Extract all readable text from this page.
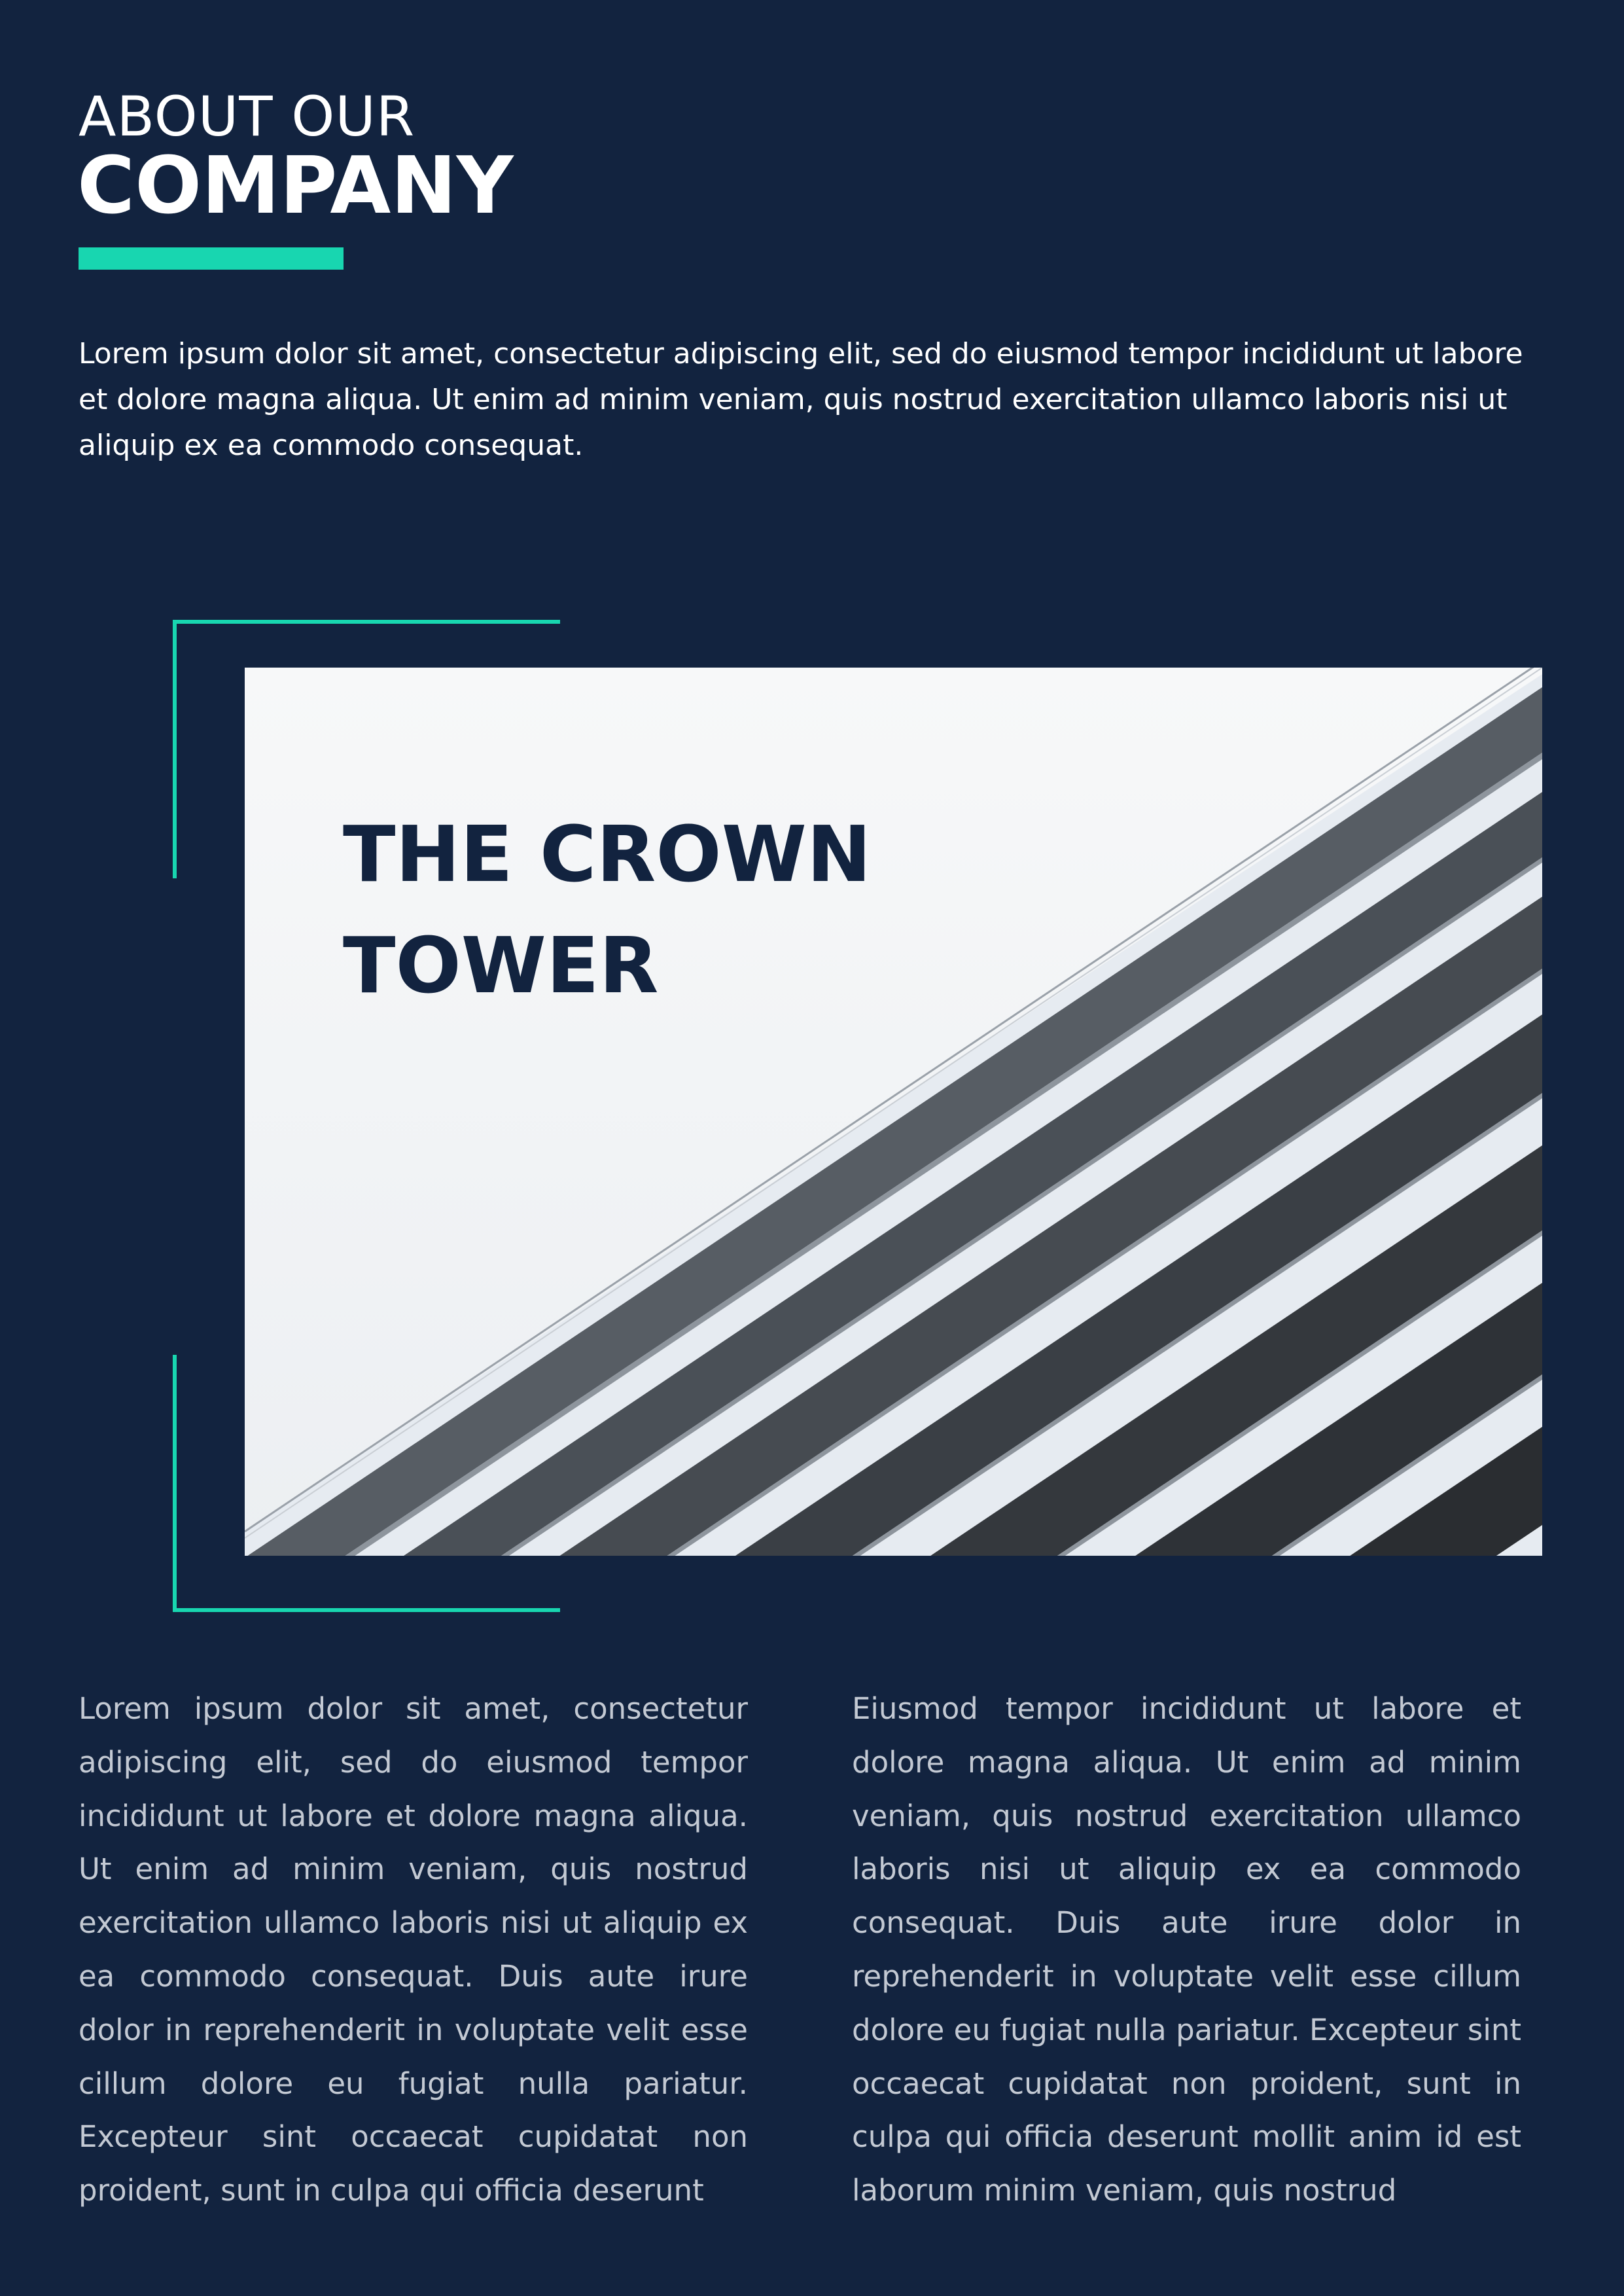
ABOUT OUR
COMPANY

Lorem ipsum dolor sit amet, consectetur adipiscing elit, sed do eiusmod tempor incididunt ut labore et dolore magna aliqua. Ut enim ad minim veniam, quis nostrud exercitation ullamco laboris nisi ut aliquip ex ea commodo consequat.

THE CROWN
TOWER

Lorem ipsum dolor sit amet, consectetur adipiscing elit, sed do eiusmod tempor incididunt ut labore et dolore magna aliqua. Ut enim ad minim veniam, quis nostrud exercitation ullamco laboris nisi ut aliquip ex ea commodo consequat. Duis aute irure dolor in reprehenderit in voluptate velit esse cillum dolore eu fugiat nulla pariatur. Excepteur sint occaecat cupidatat non proident, sunt in culpa qui officia deserunt

Eiusmod tempor incididunt ut labore et dolore magna aliqua. Ut enim ad minim veniam, quis nostrud exercitation ullamco laboris nisi ut aliquip ex ea commodo consequat. Duis aute irure dolor in reprehenderit in voluptate velit esse cillum dolore eu fugiat nulla pariatur. Excepteur sint occaecat cupidatat non proident, sunt in culpa qui officia deserunt mollit anim id est laborum minim veniam, quis nostrud
